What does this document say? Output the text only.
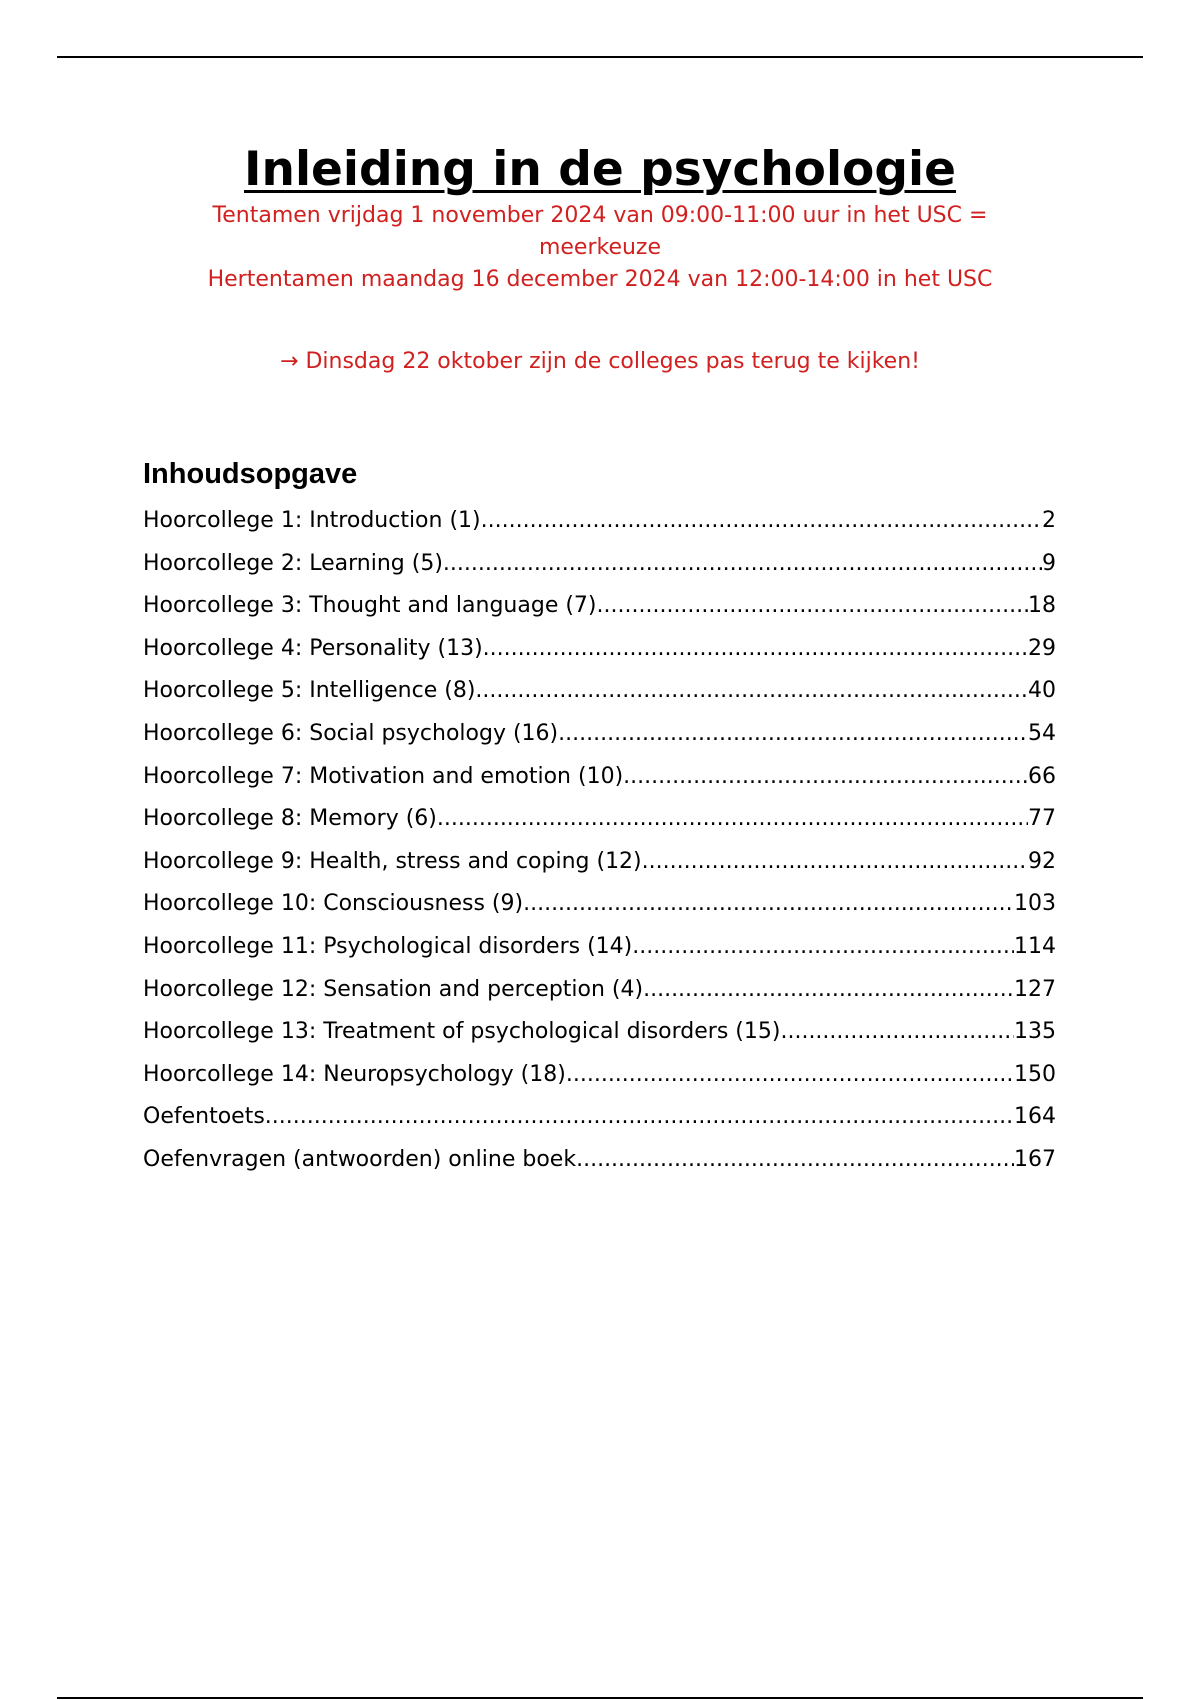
Inleiding in de psychologie

Tentamen vrijdag 1 november 2024 van 09:00-11:00 uur in het USC =

meerkeuze

Hertentamen maandag 16 december 2024 van 12:00-14:00 in het USC

→ Dinsdag 22 oktober zijn de colleges pas terug te kijken!

Inhoudsopgave
Hoorcollege 1: Introduction (1) .....	2
Hoorcollege 2: Learning (5) .....	9
Hoorcollege 3: Thought and language (7) .....	18
Hoorcollege 4: Personality (13) .....	29
Hoorcollege 5: Intelligence (8) .....	40
Hoorcollege 6: Social psychology (16) .....	54
Hoorcollege 7: Motivation and emotion (10) .....	66
Hoorcollege 8: Memory (6) .....	77
Hoorcollege 9: Health, stress and coping (12) .....	92
Hoorcollege 10: Consciousness (9) .....	103
Hoorcollege 11: Psychological disorders (14) .....	114
Hoorcollege 12: Sensation and perception (4) .....	127
Hoorcollege 13: Treatment of psychological disorders (15) .....	135
Hoorcollege 14: Neuropsychology (18) .....	150
Oefentoets .....	164
Oefenvragen (antwoorden) online boek .....	167
